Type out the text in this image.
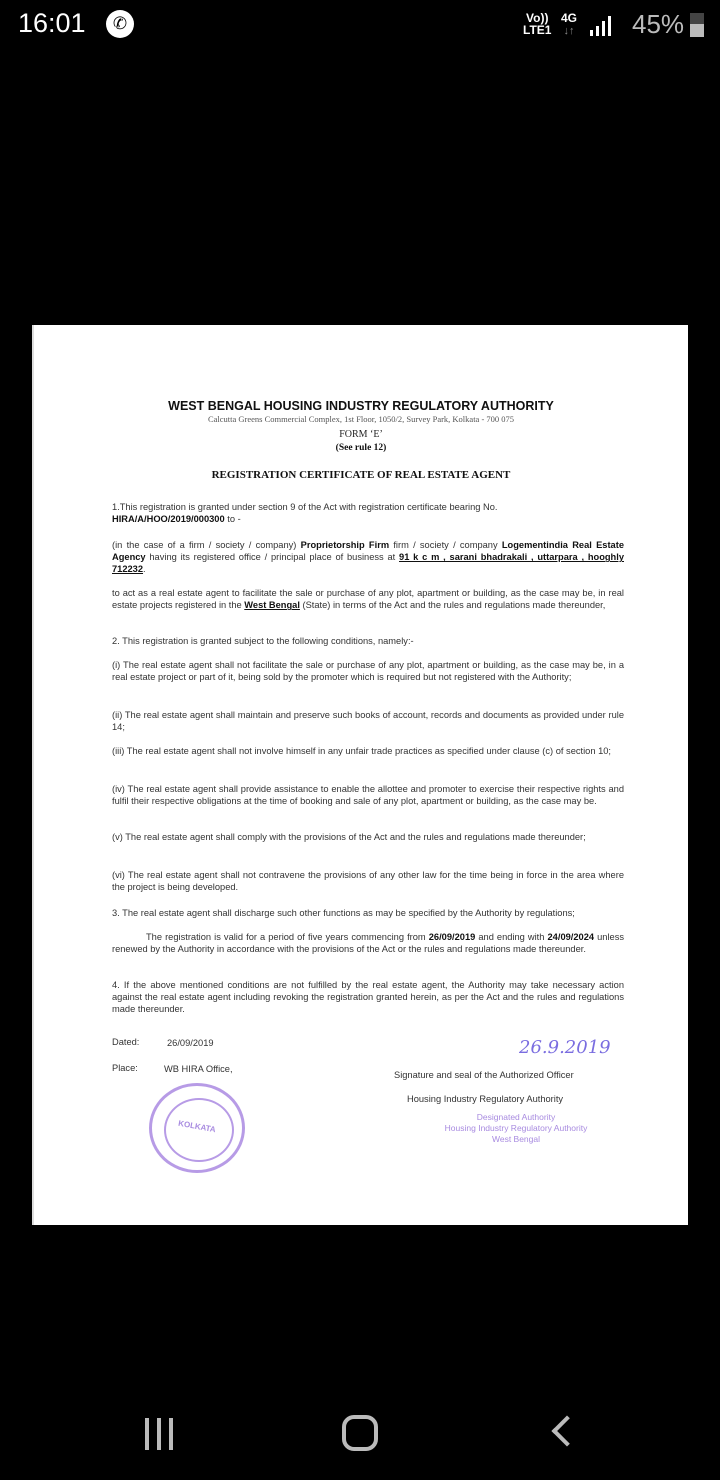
16:01	✆	Vo))
LTE1
4G
↓↑ 45%
WEST BENGAL HOUSING INDUSTRY REGULATORY AUTHORITY
Calcutta Greens Commercial Complex, 1st Floor, 1050/2, Survey Park, Kolkata - 700 075
FORM ‘E’
(See rule 12)
REGISTRATION CERTIFICATE OF REAL ESTATE AGENT
1.This registration is granted under section 9 of the Act with registration certificate bearing No.
HIRA/A/HOO/2019/000300 to -
(in the case of a firm / society / company) Proprietorship Firm firm / society / company Logementindia Real Estate Agency having its registered office / principal place of business at 91 k c m , sarani bhadrakali , uttarpara , hooghly 712232.
to act as a real estate agent to facilitate the sale or purchase of any plot, apartment or building, as the case may be, in real estate projects registered in the West Bengal (State) in terms of the Act and the rules and regulations made thereunder,
2. This registration is granted subject to the following conditions, namely:-
(i) The real estate agent shall not facilitate the sale or purchase of any plot, apartment or building, as the case may be, in a real estate project or part of it, being sold by the promoter which is required but not registered with the Authority;
(ii) The real estate agent shall maintain and preserve such books of account, records and documents as provided under rule 14;
(iii) The real estate agent shall not involve himself in any unfair trade practices as specified under clause (c) of section 10;
(iv) The real estate agent shall provide assistance to enable the allottee and promoter to exercise their respective rights and fulfil their respective obligations at the time of booking and sale of any plot, apartment or building, as the case may be.
(v) The real estate agent shall comply with the provisions of the Act and the rules and regulations made thereunder;
(vi) The real estate agent shall not contravene the provisions of any other law for the time being in force in the area where the project is being developed.
3. The real estate agent shall discharge such other functions as may be specified by the Authority by regulations;
The registration is valid for a period of five years commencing from 26/09/2019 and ending with 24/09/2024 unless renewed by the Authority in accordance with the provisions of the Act or the rules and regulations made thereunder.
4. If the above mentioned conditions are not fulfilled by the real estate agent, the Authority may take necessary action against the real estate agent including revoking the registration granted herein, as per the Act and the rules and regulations made thereunder.
Dated:	26/09/2019
Place:	WB HIRA Office,
KOLKATA
26.9.2019
Signature and seal of the Authorized Officer
Housing Industry Regulatory Authority
Designated Authority
Housing Industry Regulatory Authority
West Bengal
